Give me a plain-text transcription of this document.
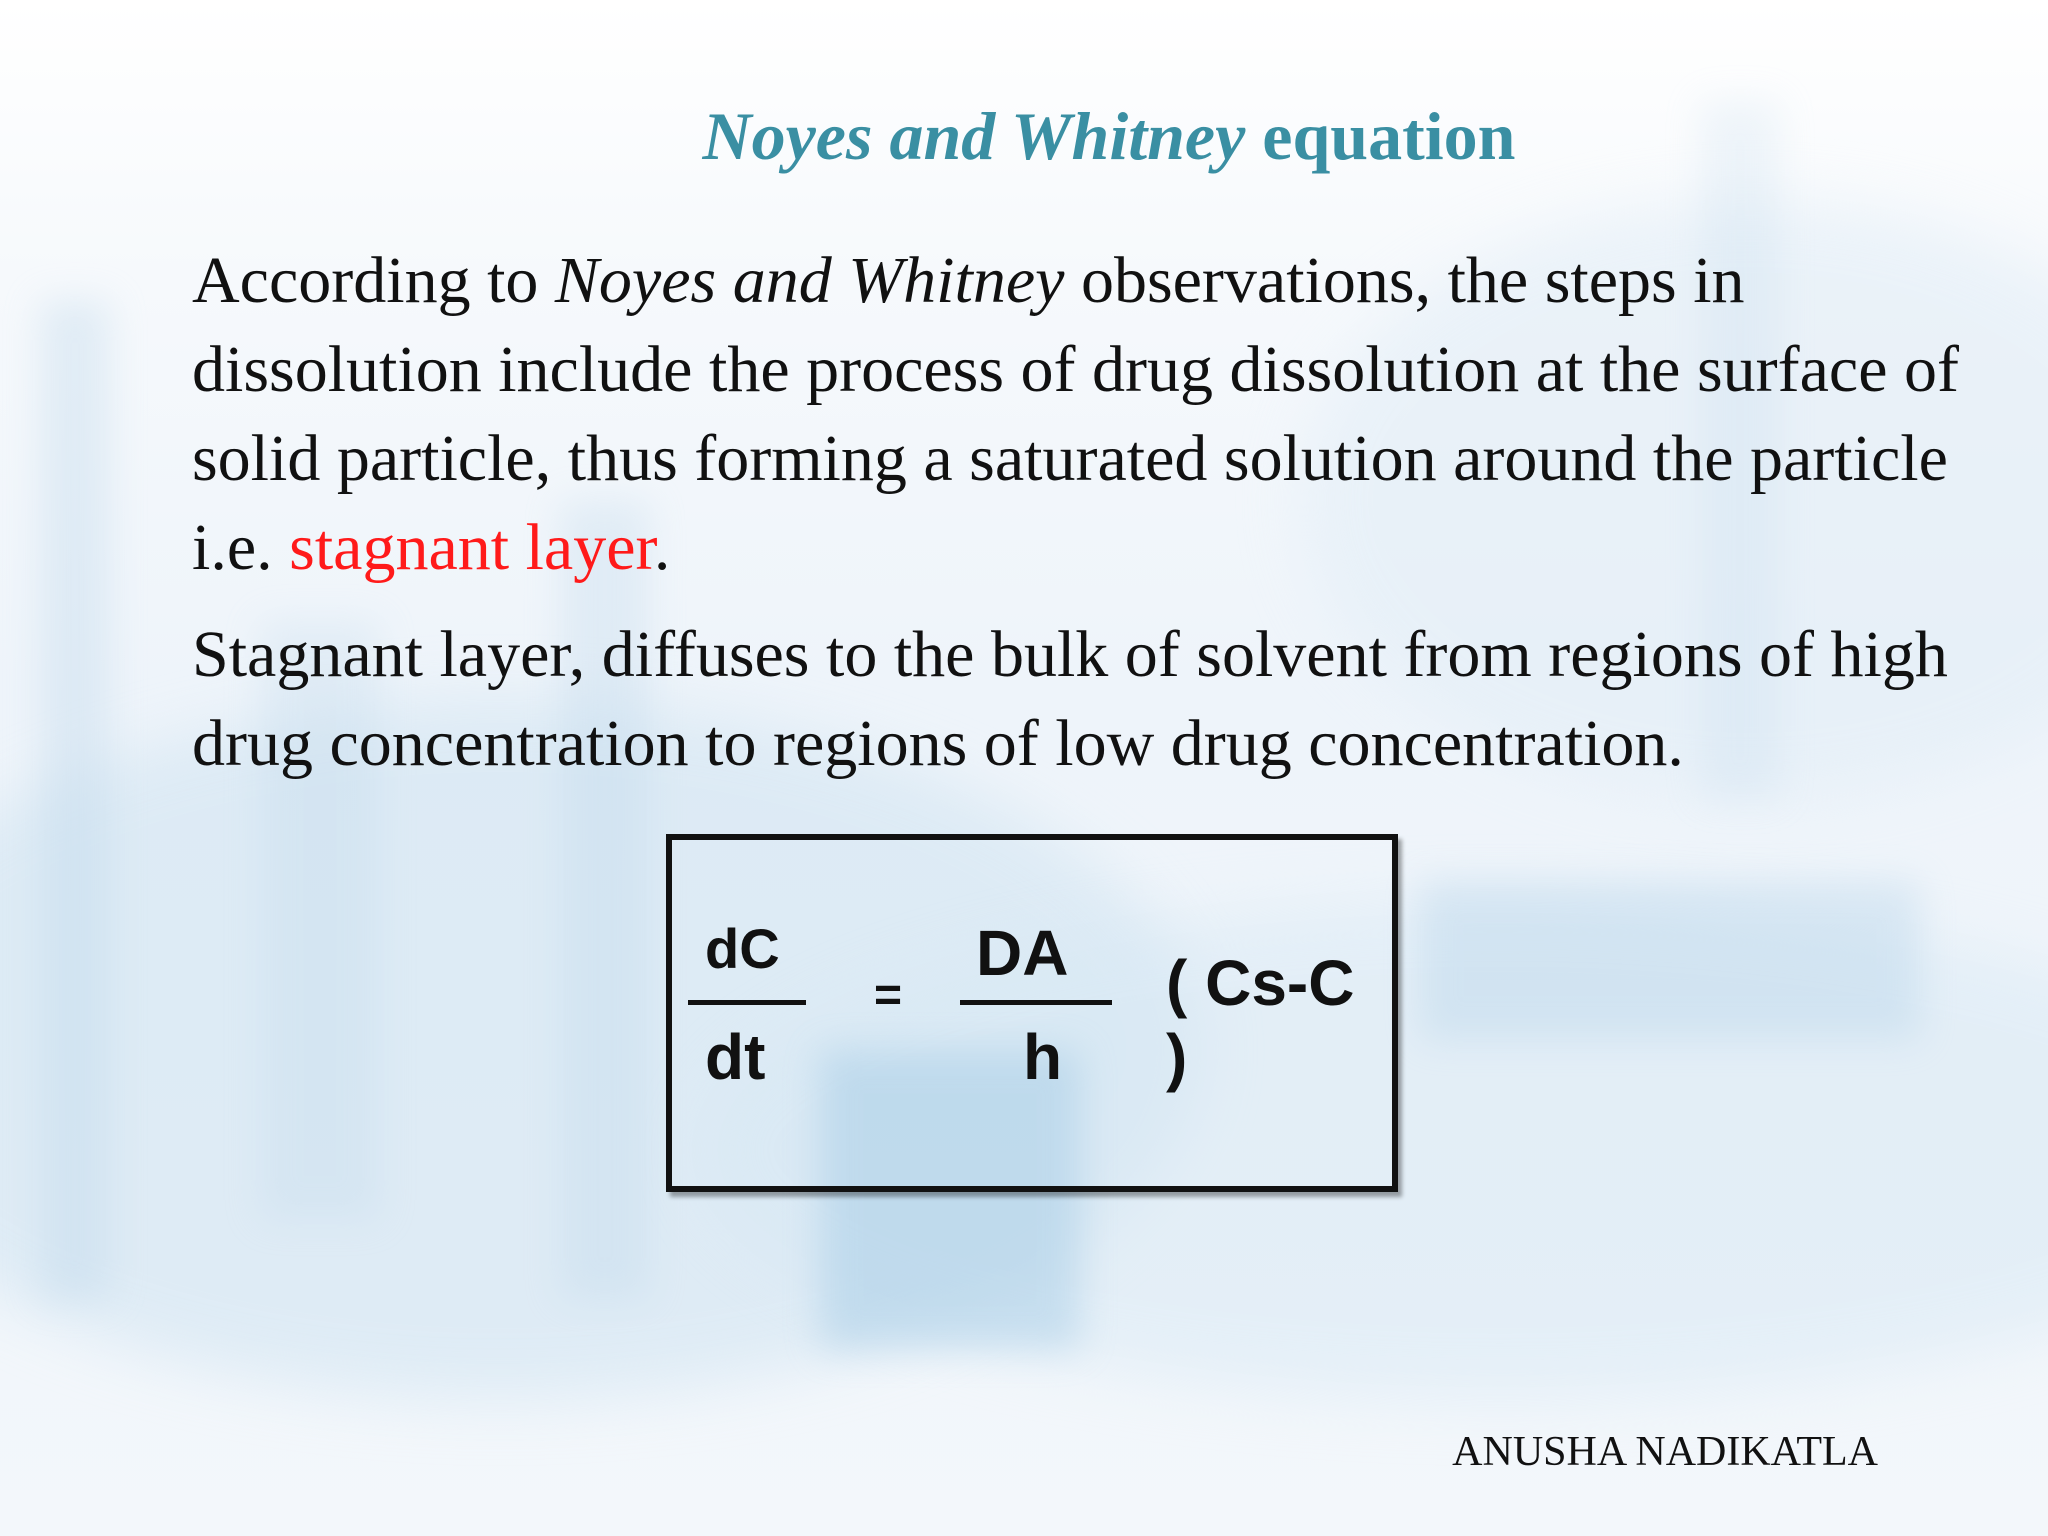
Noyes and Whitney equation

According to Noyes and Whitney observations, the steps in dissolution include the process of drug dissolution at the surface of solid particle, thus forming a saturated solution around the particle i.e. stagnant layer.

Stagnant layer, diffuses to the bulk of solvent from regions of high drug concentration to regions of low drug concentration.

dC
dt
=
DA
h
( Cs-C )
ANUSHA NADIKATLA
